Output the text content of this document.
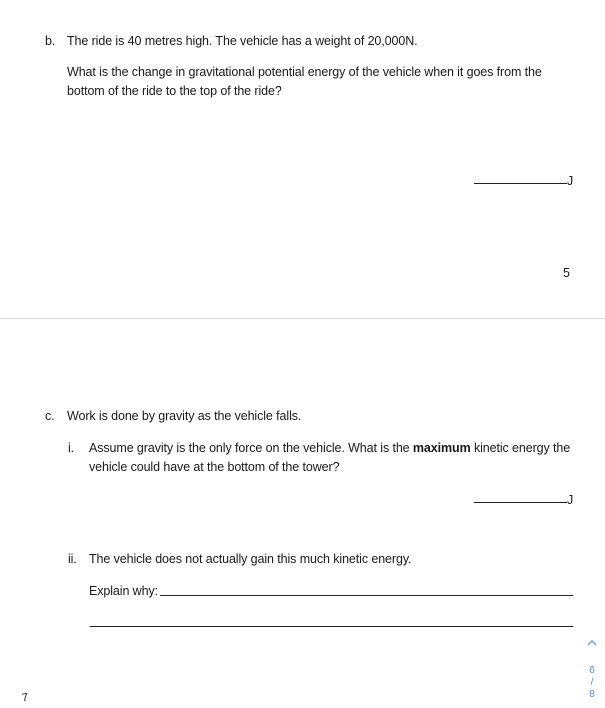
b. The ride is 40 metres high. The vehicle has a weight of 20,000N.
What is the change in gravitational potential energy of the vehicle when it goes from the
bottom of the ride to the top of the ride?
J
5
c. Work is done by gravity as the vehicle falls.
i. Assume gravity is the only force on the vehicle. What is the maximum kinetic energy the
vehicle could have at the bottom of the tower?
J
ii. The vehicle does not actually gain this much kinetic energy.
Explain why:
7
6
/
8
